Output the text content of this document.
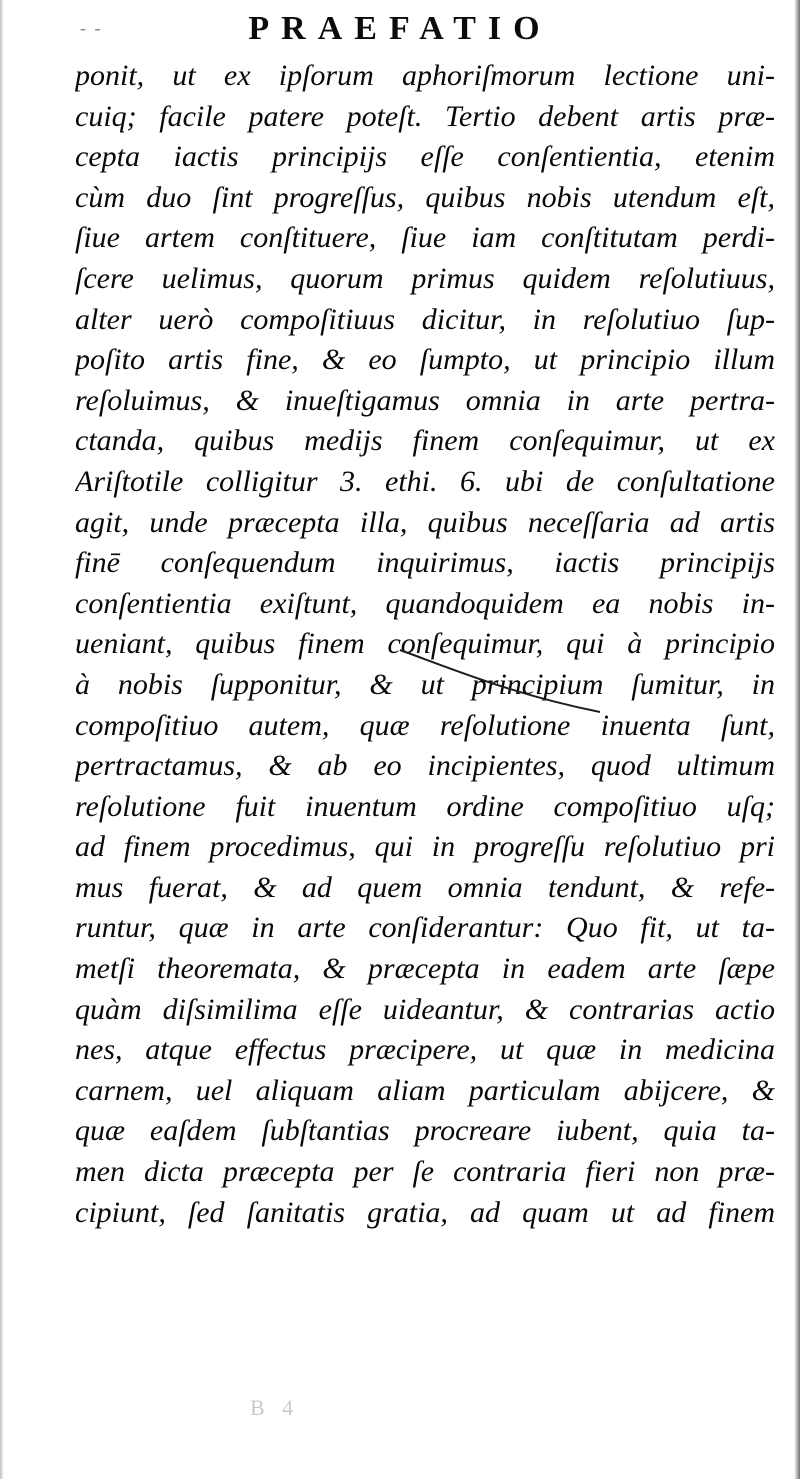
- -	PRAEFATIO
ponit, ut ex ipſorum aphoriſmorum lectione uni-
cuiq; facile patere poteſt. Tertio debent artis præ-
cepta iactis principijs eſſe conſentientia, etenim
cùm duo ſint progreſſus, quibus nobis utendum eſt,
ſiue artem conſtituere, ſiue iam conſtitutam perdi-
ſcere uelimus, quorum primus quidem reſolutiuus,
alter uerò compoſitiuus dicitur, in reſolutiuo ſup-
poſito artis fine, & eo ſumpto, ut principio illum
reſoluimus, & inueſtigamus omnia in arte pertra-
ctanda, quibus medijs finem conſequimur, ut ex
Ariſtotile colligitur 3. ethi. 6. ubi de conſultatione
agit, unde præcepta illa, quibus neceſſaria ad artis
finē conſequendum inquirimus, iactis principijs
conſentientia exiſtunt, quandoquidem ea nobis in-
ueniant, quibus finem conſequimur, qui à principio
à nobis ſupponitur, & ut principium ſumitur, in
compoſitiuo autem, quæ reſolutione inuenta ſunt,
pertractamus, & ab eo incipientes, quod ultimum
reſolutione fuit inuentum ordine compoſitiuo uſq;
ad finem procedimus, qui in progreſſu reſolutiuo pri
mus fuerat, & ad quem omnia tendunt, & refe-
runtur, quæ in arte conſiderantur: Quo fit, ut ta-
metſi theoremata, & præcepta in eadem arte ſæpe
quàm diſsimilima eſſe uideantur, & contrarias actio
nes, atque effectus præcipere, ut quæ in medicina
carnem, uel aliquam aliam particulam abijcere, &
quæ eaſdem ſubſtantias procreare iubent, quia ta-
men dicta præcepta per ſe contraria fieri non præ-
cipiunt, ſed ſanitatis gratia, ad quam ut ad finem
B 4
